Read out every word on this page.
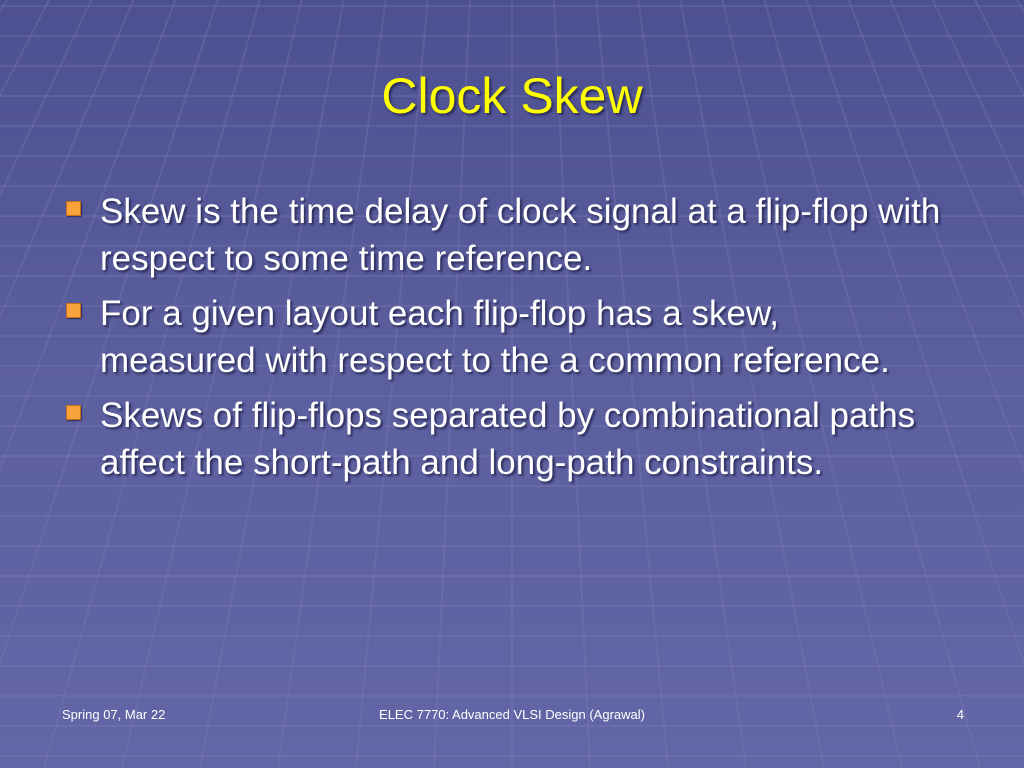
Clock Skew
Skew is the time delay of clock signal at a flip-flop with respect to some time reference.
For a given layout each flip-flop has a skew, measured with respect to the a common reference.
Skews of flip-flops separated by combinational paths affect the short-path and long-path constraints.
Spring 07, Mar 22	ELEC 7770: Advanced VLSI Design (Agrawal)	4
